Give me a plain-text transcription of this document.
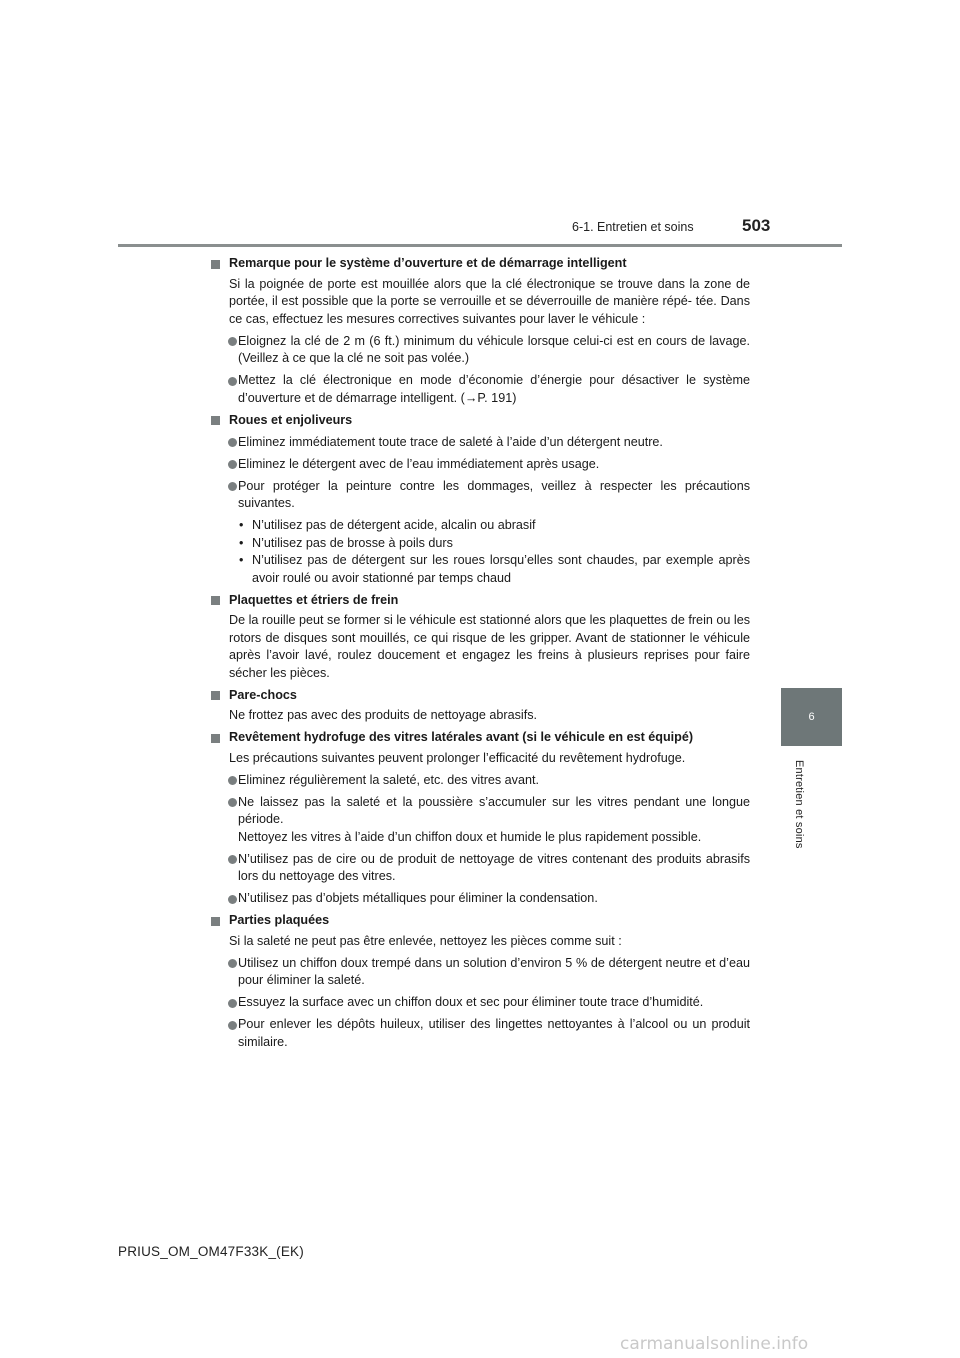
6-1. Entretien et soins	503
6
Entretien et soins
Remarque pour le système d’ouverture et de démarrage intelligent
Si la poignée de porte est mouillée alors que la clé électronique se trouve dans la zone de portée, il est possible que la porte se verrouille et se déverrouille de manière répé- tée. Dans ce cas, effectuez les mesures correctives suivantes pour laver le véhicule :
Eloignez la clé de 2 m (6 ft.) minimum du véhicule lorsque celui-ci est en cours de lavage. (Veillez à ce que la clé ne soit pas volée.)
Mettez la clé électronique en mode d’économie d’énergie pour désactiver le système d’ouverture et de démarrage intelligent. (→P. 191)
Roues et enjoliveurs
Eliminez immédiatement toute trace de saleté à l’aide d’un détergent neutre.
Eliminez le détergent avec de l’eau immédiatement après usage.
Pour protéger la peinture contre les dommages, veillez à respecter les précautions suivantes.
• N’utilisez pas de détergent acide, alcalin ou abrasif
• N’utilisez pas de brosse à poils durs
• N’utilisez pas de détergent sur les roues lorsqu’elles sont chaudes, par exemple après avoir roulé ou avoir stationné par temps chaud
Plaquettes et étriers de frein
De la rouille peut se former si le véhicule est stationné alors que les plaquettes de frein ou les rotors de disques sont mouillés, ce qui risque de les gripper. Avant de stationner le véhicule après l’avoir lavé, roulez doucement et engagez les freins à plusieurs reprises pour faire sécher les pièces.
Pare-chocs
Ne frottez pas avec des produits de nettoyage abrasifs.
Revêtement hydrofuge des vitres latérales avant (si le véhicule en est équipé)
Les précautions suivantes peuvent prolonger l’efficacité du revêtement hydrofuge.
Eliminez régulièrement la saleté, etc. des vitres avant.
Ne laissez pas la saleté et la poussière s’accumuler sur les vitres pendant une longue période.
Nettoyez les vitres à l’aide d’un chiffon doux et humide le plus rapidement possible.
N’utilisez pas de cire ou de produit de nettoyage de vitres contenant des produits abrasifs lors du nettoyage des vitres.
N’utilisez pas d’objets métalliques pour éliminer la condensation.
Parties plaquées
Si la saleté ne peut pas être enlevée, nettoyez les pièces comme suit :
Utilisez un chiffon doux trempé dans un solution d’environ 5 % de détergent neutre et d’eau pour éliminer la saleté.
Essuyez la surface avec un chiffon doux et sec pour éliminer toute trace d’humidité.
Pour enlever les dépôts huileux, utiliser des lingettes nettoyantes à l’alcool ou un produit similaire.
PRIUS_OM_OM47F33K_(EK)
carmanualsonline.info
